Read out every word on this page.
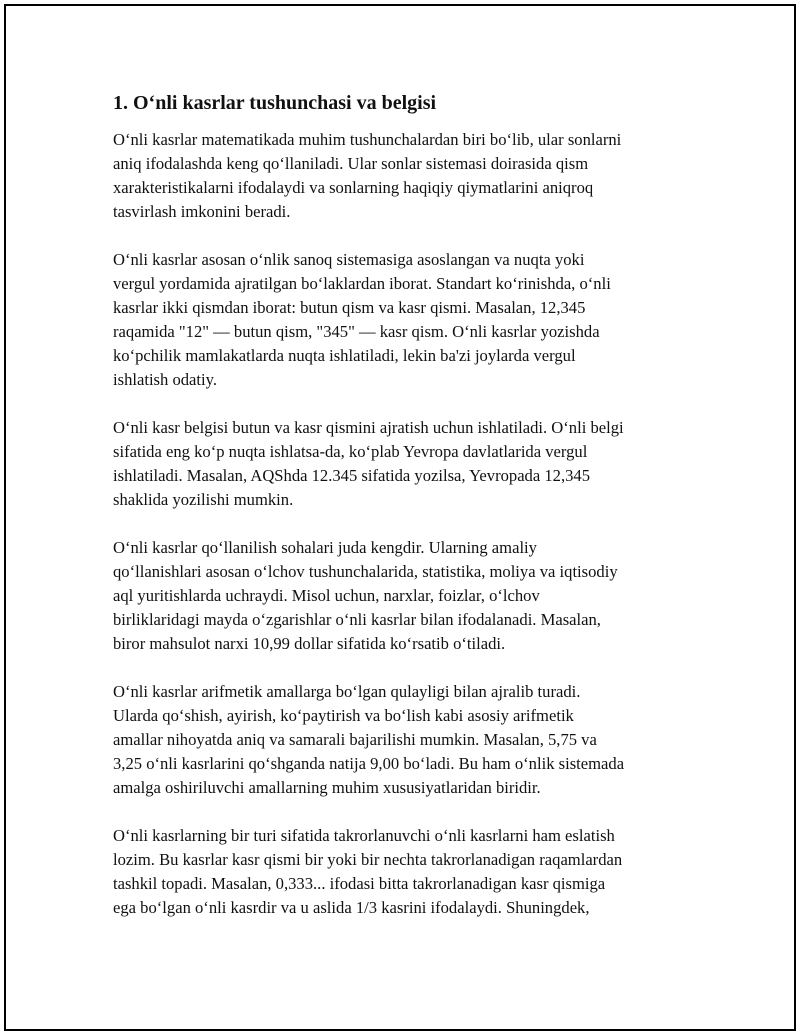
1. O‘nli kasrlar tushunchasi va belgisi

O‘nli kasrlar matematikada muhim tushunchalardan biri bo‘lib, ular sonlarni
aniq ifodalashda keng qo‘llaniladi. Ular sonlar sistemasi doirasida qism
xarakteristikalarni ifodalaydi va sonlarning haqiqiy qiymatlarini aniqroq
tasvirlash imkonini beradi.

O‘nli kasrlar asosan o‘nlik sanoq sistemasiga asoslangan va nuqta yoki
vergul yordamida ajratilgan bo‘laklardan iborat. Standart ko‘rinishda, o‘nli
kasrlar ikki qismdan iborat: butun qism va kasr qismi. Masalan, 12,345
raqamida "12" — butun qism, "345" — kasr qism. O‘nli kasrlar yozishda
ko‘pchilik mamlakatlarda nuqta ishlatiladi, lekin ba'zi joylarda vergul
ishlatish odatiy.

O‘nli kasr belgisi butun va kasr qismini ajratish uchun ishlatiladi. O‘nli belgi
sifatida eng ko‘p nuqta ishlatsa-da, ko‘plab Yevropa davlatlarida vergul
ishlatiladi. Masalan, AQShda 12.345 sifatida yozilsa, Yevropada 12,345
shaklida yozilishi mumkin.

O‘nli kasrlar qo‘llanilish sohalari juda kengdir. Ularning amaliy
qo‘llanishlari asosan o‘lchov tushunchalarida, statistika, moliya va iqtisodiy
aql yuritishlarda uchraydi. Misol uchun, narxlar, foizlar, o‘lchov
birliklaridagi mayda o‘zgarishlar o‘nli kasrlar bilan ifodalanadi. Masalan,
biror mahsulot narxi 10,99 dollar sifatida ko‘rsatib o‘tiladi.

O‘nli kasrlar arifmetik amallarga bo‘lgan qulayligi bilan ajralib turadi.
Ularda qo‘shish, ayirish, ko‘paytirish va bo‘lish kabi asosiy arifmetik
amallar nihoyatda aniq va samarali bajarilishi mumkin. Masalan, 5,75 va
3,25 o‘nli kasrlarini qo‘shganda natija 9,00 bo‘ladi. Bu ham o‘nlik sistemada
amalga oshiriluvchi amallarning muhim xususiyatlaridan biridir.

O‘nli kasrlarning bir turi sifatida takrorlanuvchi o‘nli kasrlarni ham eslatish
lozim. Bu kasrlar kasr qismi bir yoki bir nechta takrorlanadigan raqamlardan
tashkil topadi. Masalan, 0,333... ifodasi bitta takrorlanadigan kasr qismiga
ega bo‘lgan o‘nli kasrdir va u aslida 1/3 kasrini ifodalaydi. Shuningdek,
